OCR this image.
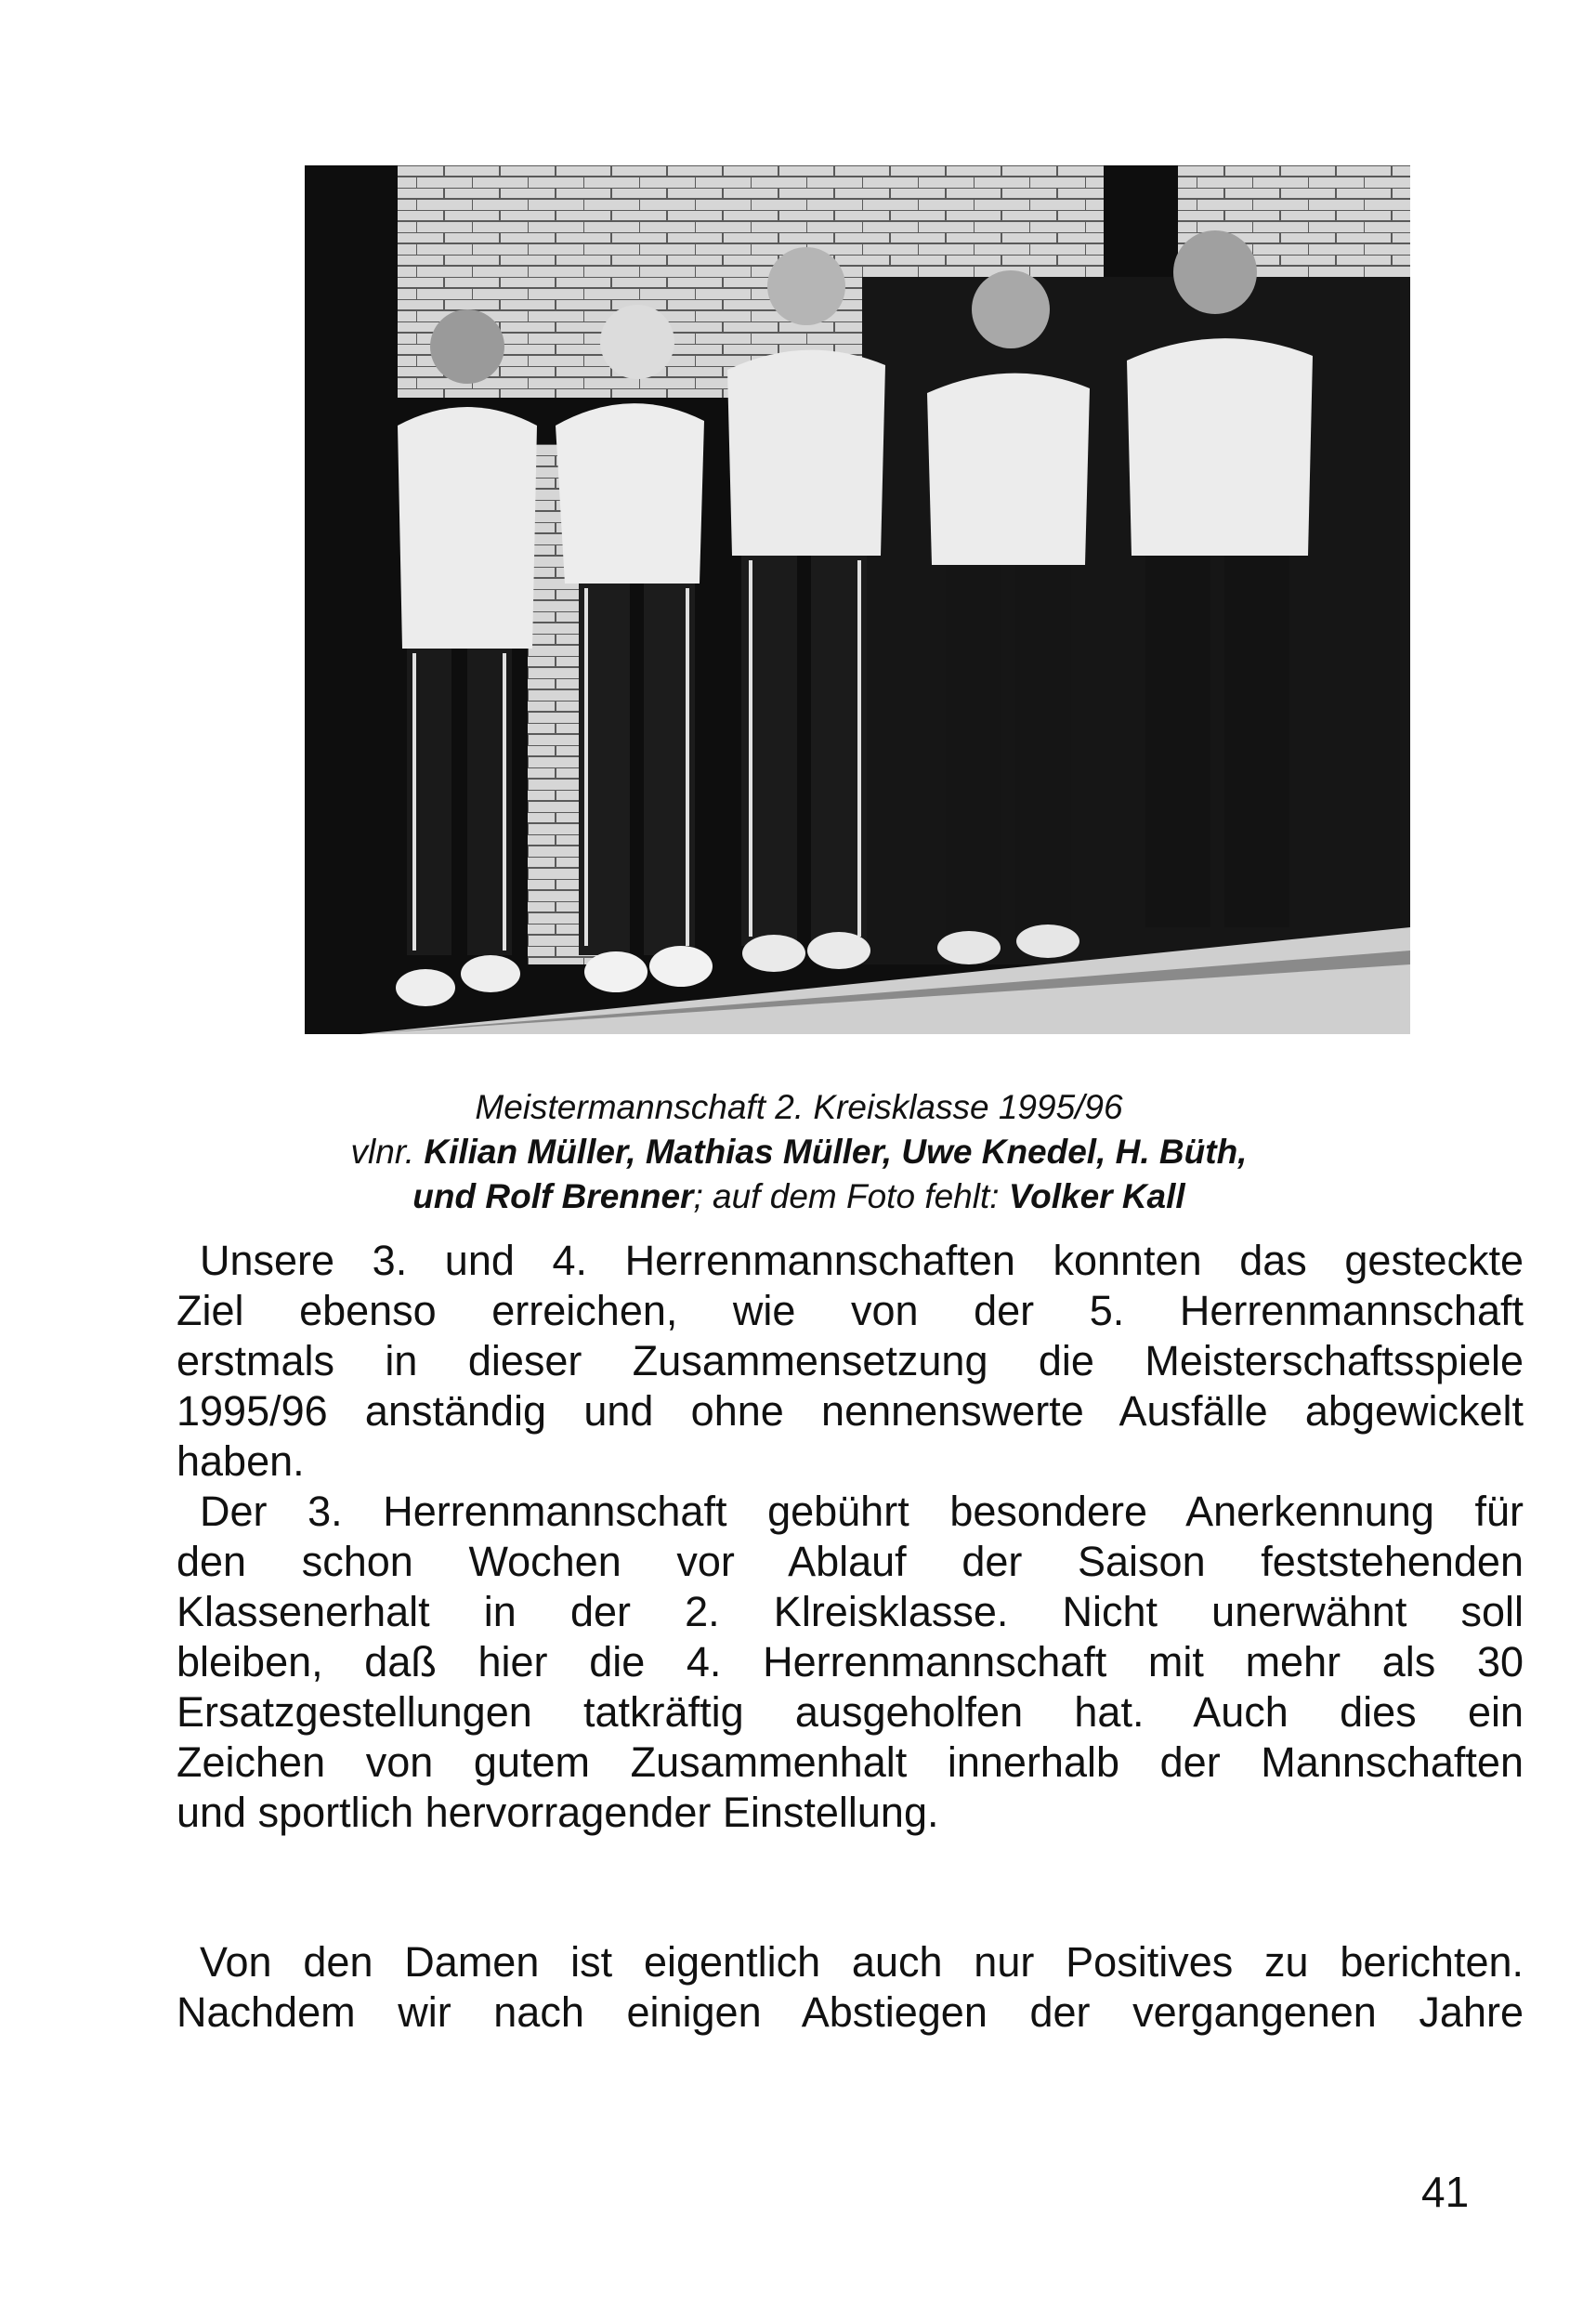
Meistermannschaft 2. Kreisklasse 1995/96
vlnr. Kilian Müller, Mathias Müller, Uwe Knedel, H. Büth,
und Rolf Brenner; auf dem Foto fehlt: Volker Kall
Unsere 3. und 4. Herrenmannschaften konnten das gesteckte
Ziel ebenso erreichen, wie von der 5. Herrenmannschaft
erstmals in dieser Zusammensetzung die Meisterschaftsspiele
1995/96 anständig und ohne nennenswerte Ausfälle abgewickelt
haben.
Der 3. Herrenmannschaft gebührt besondere Anerkennung für
den schon Wochen vor Ablauf der Saison feststehenden
Klassenerhalt in der 2. Klreisklasse. Nicht unerwähnt soll
bleiben, daß hier die 4. Herrenmannschaft mit mehr als 30
Ersatzgestellungen tatkräftig ausgeholfen hat. Auch dies ein
Zeichen von gutem Zusammenhalt innerhalb der Mannschaften
und sportlich hervorragender Einstellung.
Von den Damen ist eigentlich auch nur Positives zu berichten.
Nachdem wir nach einigen Abstiegen der vergangenen Jahre
41
